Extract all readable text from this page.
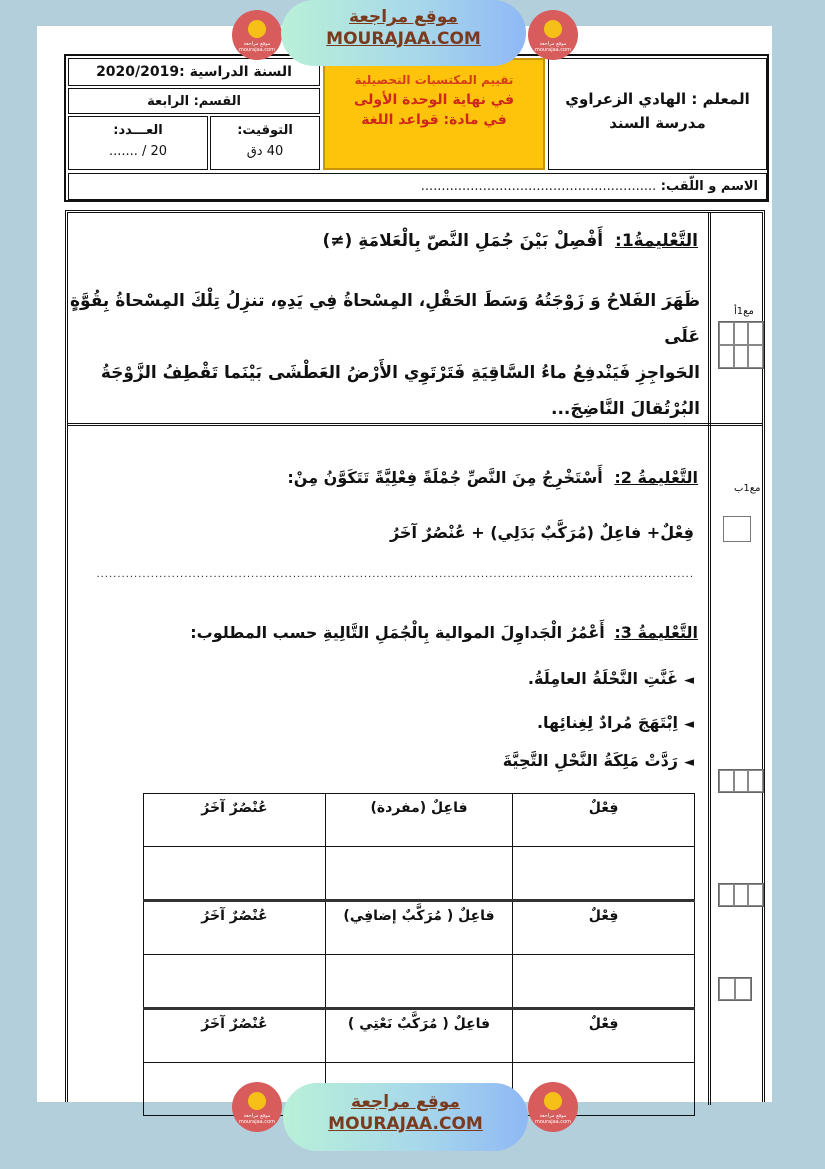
السنة الدراسية :2020/2019
القسم: الرابعة
العـــدد:
....... / 20
التوقيت:
40 دق
تقييم المكتسبات التحصيلية
في نهاية الوحدة الأولى
في مادة: قواعد اللغة
المعلم : الهادي الزعراوي
مدرسة السند
الاسم و اللّقب: .........................................................
التَّعْليمةُ1: أَفْصِلْ بَيْنَ جُمَلِ النَّصّ بِالْعَلامَةِ (≠)
ظَهَرَ الفَلاحُ وَ زَوْجَتُهُ وَسَطَ الحَقْلِ، المِسْحاةُ فِي يَدِهِ، تنزِلُ تِلْكَ المِسْحاةُ بِقُوَّةٍ عَلَى
الحَواجِزِ فَيَنْدفِعُ ماءُ السَّاقِيَةِ فَتَرْتَوِي الأَرْضُ العَطْشَى بَيْنَما تَقْطِفُ الزَّوْجَةُ
البُرْتُقالَ النَّاضِجَ...
مع1أ
التَّعْليمةُ 2: أَسْتَخْرِجُ مِنَ النَّصِّ جُمْلَةً فِعْلِيَّةً تَتَكَوَّنُ مِنْ:
فِعْلٌ+ فاعِلٌ (مُرَكَّبٌ بَدَلِي) + عُنْصُرٌ آخَرُ
...............................................................................................................................................
مع1ب
التَّعْليمةُ 3: أَعْمُرُ الْجَداوِلَ الموالية بِالْجُمَلِ التَّالِيةِ حسب المطلوب:
◄غَنَّتِ النَّحْلَةُ العامِلَةُ.
◄اِبْتَهَجَ مُرادٌ لِغِنائِها.
◄رَدَّتْ مَلِكَةُ النَّحْلِ التَّحِيَّةَ
فِعْلٌ	فاعِلٌ (مفردة)	عُنْصُرٌ آخَرُ

فِعْلٌ	فاعِلٌ ( مُرَكَّبٌ إضافِي)	عُنْصُرٌ آخَرُ

فِعْلٌ	فاعِلٌ ( مُرَكَّبٌ نَعْتِي )	عُنْصُرٌ آخَرُ

موقع مراجعة
mourajaa.com
موقع مراجعة
MOURAJAA.COM	موقع مراجعة
mourajaa.com
موقع مراجعة
mourajaa.com
موقع مراجعة
MOURAJAA.COM	موقع مراجعة
mourajaa.com
